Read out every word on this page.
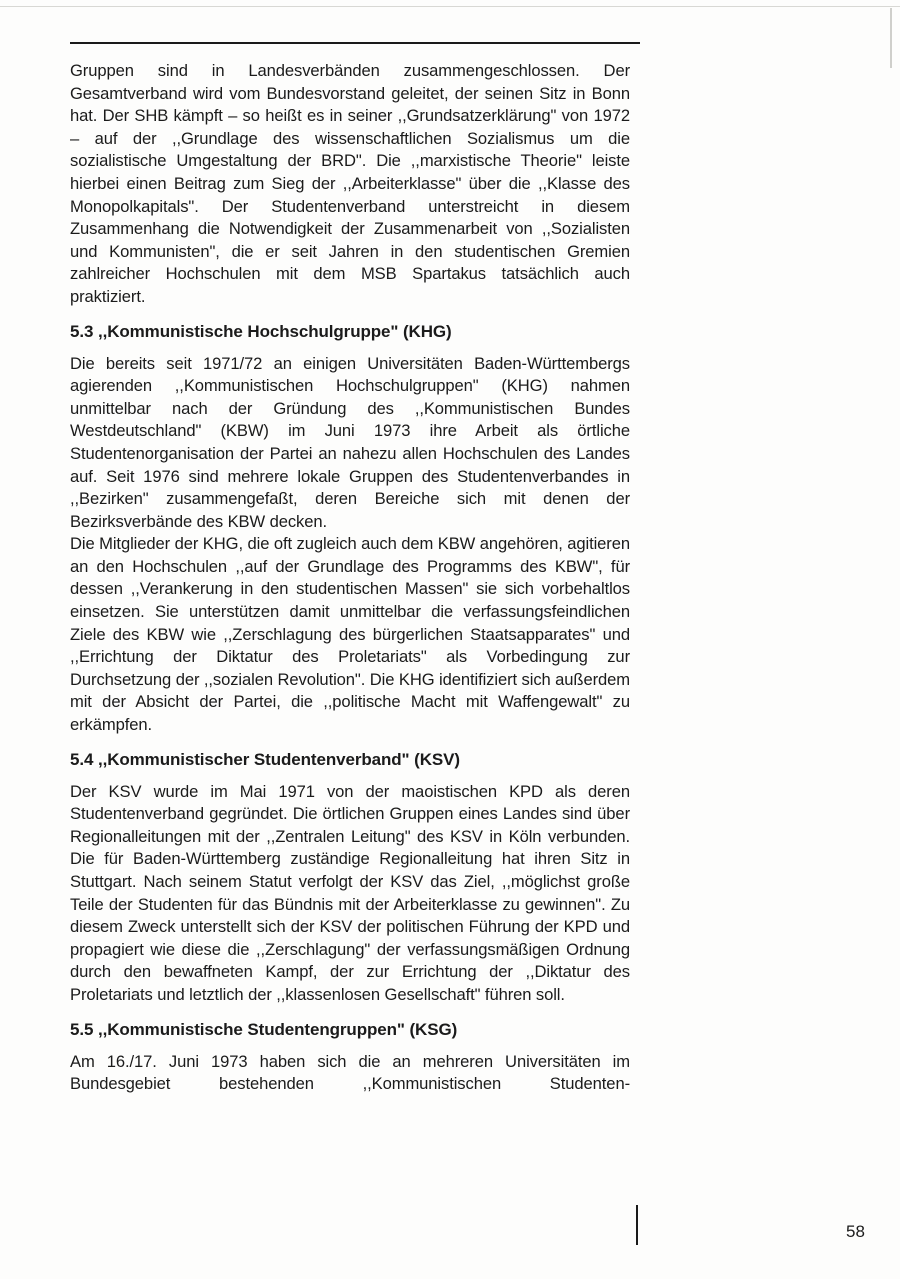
Gruppen sind in Landesverbänden zusammengeschlossen. Der Gesamtverband wird vom Bundesvorstand geleitet, der seinen Sitz in Bonn hat. Der SHB kämpft – so heißt es in seiner ,,Grundsatzerklärung" von 1972 – auf der ,,Grundlage des wissenschaftlichen Sozialismus um die sozialistische Umgestaltung der BRD". Die ,,marxistische Theorie" leiste hierbei einen Beitrag zum Sieg der ,,Arbeiterklasse" über die ,,Klasse des Monopolkapitals". Der Studentenverband unterstreicht in diesem Zusammenhang die Notwendigkeit der Zusammenarbeit von ,,Sozialisten und Kommunisten", die er seit Jahren in den studentischen Gremien zahlreicher Hochschulen mit dem MSB Spartakus tatsächlich auch praktiziert.

5.3 ,,Kommunistische Hochschulgruppe" (KHG)

Die bereits seit 1971/72 an einigen Universitäten Baden-Württembergs agierenden ,,Kommunistischen Hochschulgruppen" (KHG) nahmen unmittelbar nach der Gründung des ,,Kommunistischen Bundes Westdeutschland" (KBW) im Juni 1973 ihre Arbeit als örtliche Studentenorganisation der Partei an nahezu allen Hochschulen des Landes auf. Seit 1976 sind mehrere lokale Gruppen des Studentenverbandes in ,,Bezirken" zusammengefaßt, deren Bereiche sich mit denen der Bezirksverbände des KBW decken.

Die Mitglieder der KHG, die oft zugleich auch dem KBW angehören, agitieren an den Hochschulen ,,auf der Grundlage des Programms des KBW", für dessen ,,Verankerung in den studentischen Massen" sie sich vorbehaltlos einsetzen. Sie unterstützen damit unmittelbar die verfassungsfeindlichen Ziele des KBW wie ,,Zerschlagung des bürgerlichen Staatsapparates" und ,,Errichtung der Diktatur des Proletariats" als Vorbedingung zur Durchsetzung der ,,sozialen Revolution". Die KHG identifiziert sich außerdem mit der Absicht der Partei, die ,,politische Macht mit Waffengewalt" zu erkämpfen.

5.4 ,,Kommunistischer Studentenverband" (KSV)

Der KSV wurde im Mai 1971 von der maoistischen KPD als deren Studentenverband gegründet. Die örtlichen Gruppen eines Landes sind über Regionalleitungen mit der ,,Zentralen Leitung" des KSV in Köln verbunden. Die für Baden-Württemberg zuständige Regionalleitung hat ihren Sitz in Stuttgart. Nach seinem Statut verfolgt der KSV das Ziel, ,,möglichst große Teile der Studenten für das Bündnis mit der Arbeiterklasse zu gewinnen". Zu diesem Zweck unterstellt sich der KSV der politischen Führung der KPD und propagiert wie diese die ,,Zerschlagung" der verfassungsmäßigen Ordnung durch den bewaffneten Kampf, der zur Errichtung der ,,Diktatur des Proletariats und letztlich der ,,klassenlosen Gesellschaft" führen soll.

5.5 ,,Kommunistische Studentengruppen" (KSG)

Am 16./17. Juni 1973 haben sich die an mehreren Universitäten im Bundesgebiet bestehenden ,,Kommunistischen Studenten-

58
